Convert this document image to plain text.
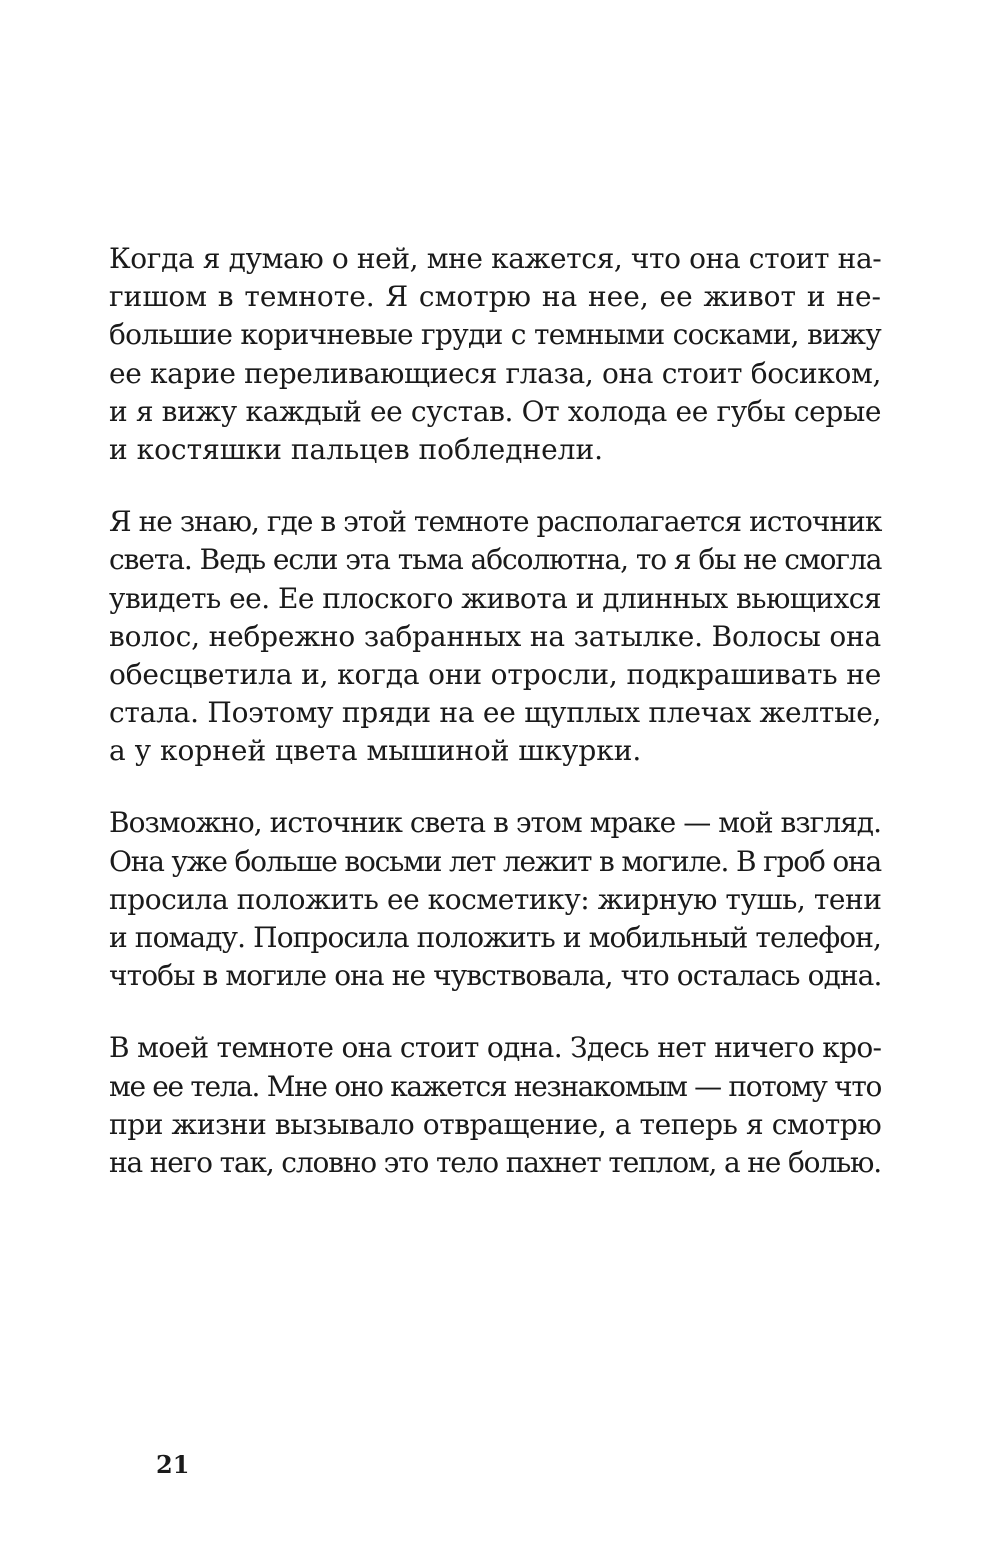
Когда я думаю о ней, мне кажется, что она стоит на-
гишом в темноте. Я смотрю на нее, ее живот и не-
большие коричневые груди с темными сосками, вижу
ее карие переливающиеся глаза, она стоит босиком,
и я вижу каждый ее сустав. От холода ее губы серые
и костяшки пальцев побледнели.
Я не знаю, где в этой темноте располагается источник
света. Ведь если эта тьма абсолютна, то я бы не смогла
увидеть ее. Ее плоского живота и длинных вьющихся
волос, небрежно забранных на затылке. Волосы она
обесцветила и, когда они отросли, подкрашивать не
стала. Поэтому пряди на ее щуплых плечах желтые,
а у корней цвета мышиной шкурки.
Возможно, источник света в этом мраке — мой взгляд.
Она уже больше восьми лет лежит в могиле. В гроб она
просила положить ее косметику: жирную тушь, тени
и помаду. Попросила положить и мобильный телефон,
чтобы в могиле она не чувствовала, что осталась одна.
В моей темноте она стоит одна. Здесь нет ничего кро-
ме ее тела. Мне оно кажется незнакомым — потому что
при жизни вызывало отвращение, а теперь я смотрю
на него так, словно это тело пахнет теплом, а не болью.
21
